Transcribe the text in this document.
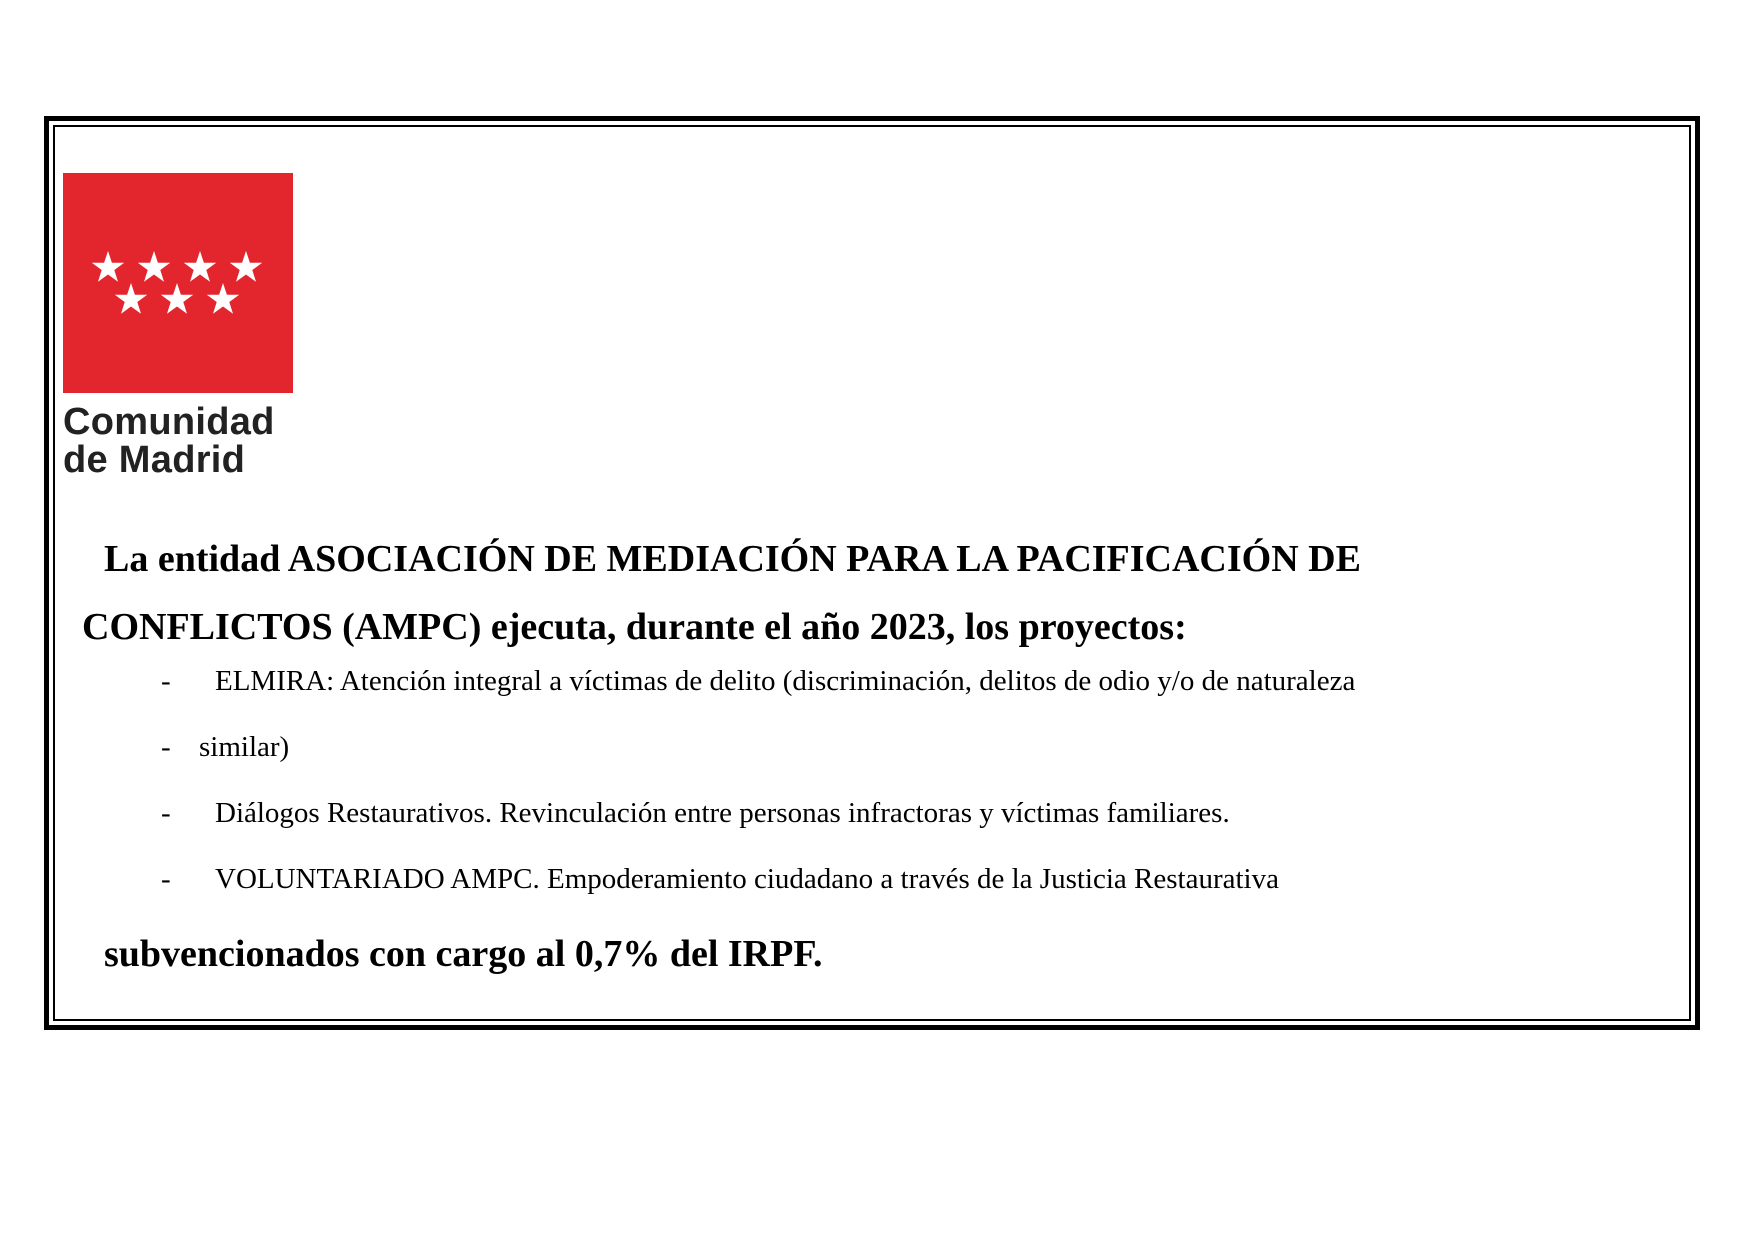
Comunidad
de Madrid
La entidad ASOCIACIÓN DE MEDIACIÓN PARA LA PACIFICACIÓN DE
CONFLICTOS (AMPC) ejecuta, durante el año 2023, los proyectos:
- ELMIRA: Atención integral a víctimas de delito (discriminación, delitos de odio y/o de naturaleza
- similar)
- Diálogos Restaurativos. Revinculación entre personas infractoras y víctimas familiares.
- VOLUNTARIADO AMPC. Empoderamiento ciudadano a través de la Justicia Restaurativa
subvencionados con cargo al 0,7% del IRPF.
